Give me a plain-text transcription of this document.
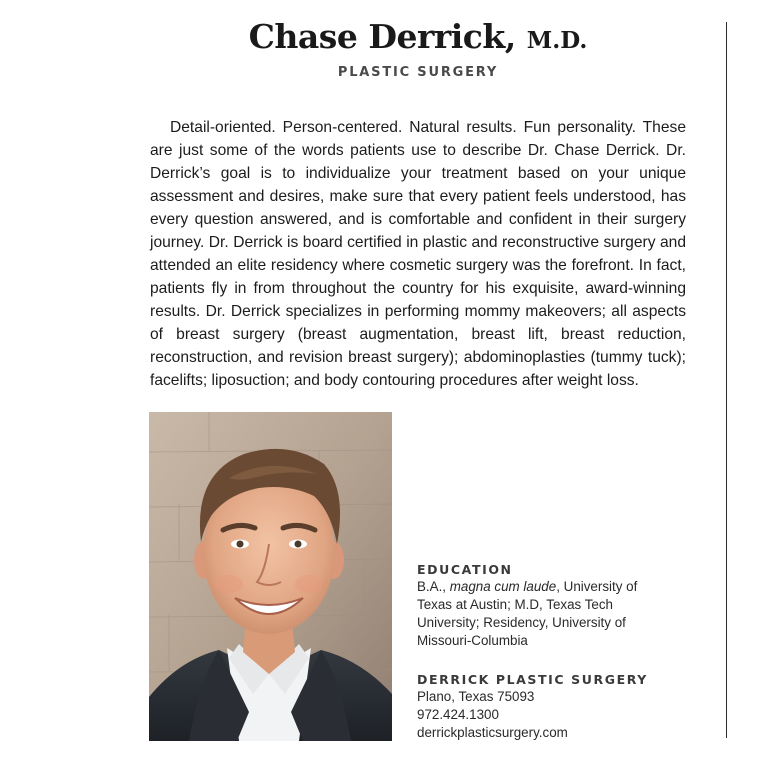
Chase Derrick, M.D.
PLASTIC SURGERY

Detail-oriented. Person-centered. Natural results. Fun personality. These are just some of the words patients use to describe Dr. Chase Derrick. Dr. Derrick’s goal is to individualize your treatment based on your unique assessment and desires, make sure that every patient feels understood, has every question answered, and is comfortable and confident in their surgery journey. Dr. Derrick is board certified in plastic and reconstructive surgery and attended an elite residency where cosmetic surgery was the forefront. In fact, patients fly in from throughout the country for his exquisite, award-winning results. Dr. Derrick specializes in performing mommy makeovers; all aspects of breast surgery (breast augmentation, breast lift, breast reduction, reconstruction, and revision breast surgery); abdominoplasties (tummy tuck); facelifts; liposuction; and body contouring procedures after weight loss.

EDUCATION
B.A., magna cum laude, University of Texas at Austin; M.D, Texas Tech University; Residency, University of Missouri-Columbia
DERRICK PLASTIC SURGERY
Plano, Texas 75093
972.424.1300
derrickplasticsurgery.com
